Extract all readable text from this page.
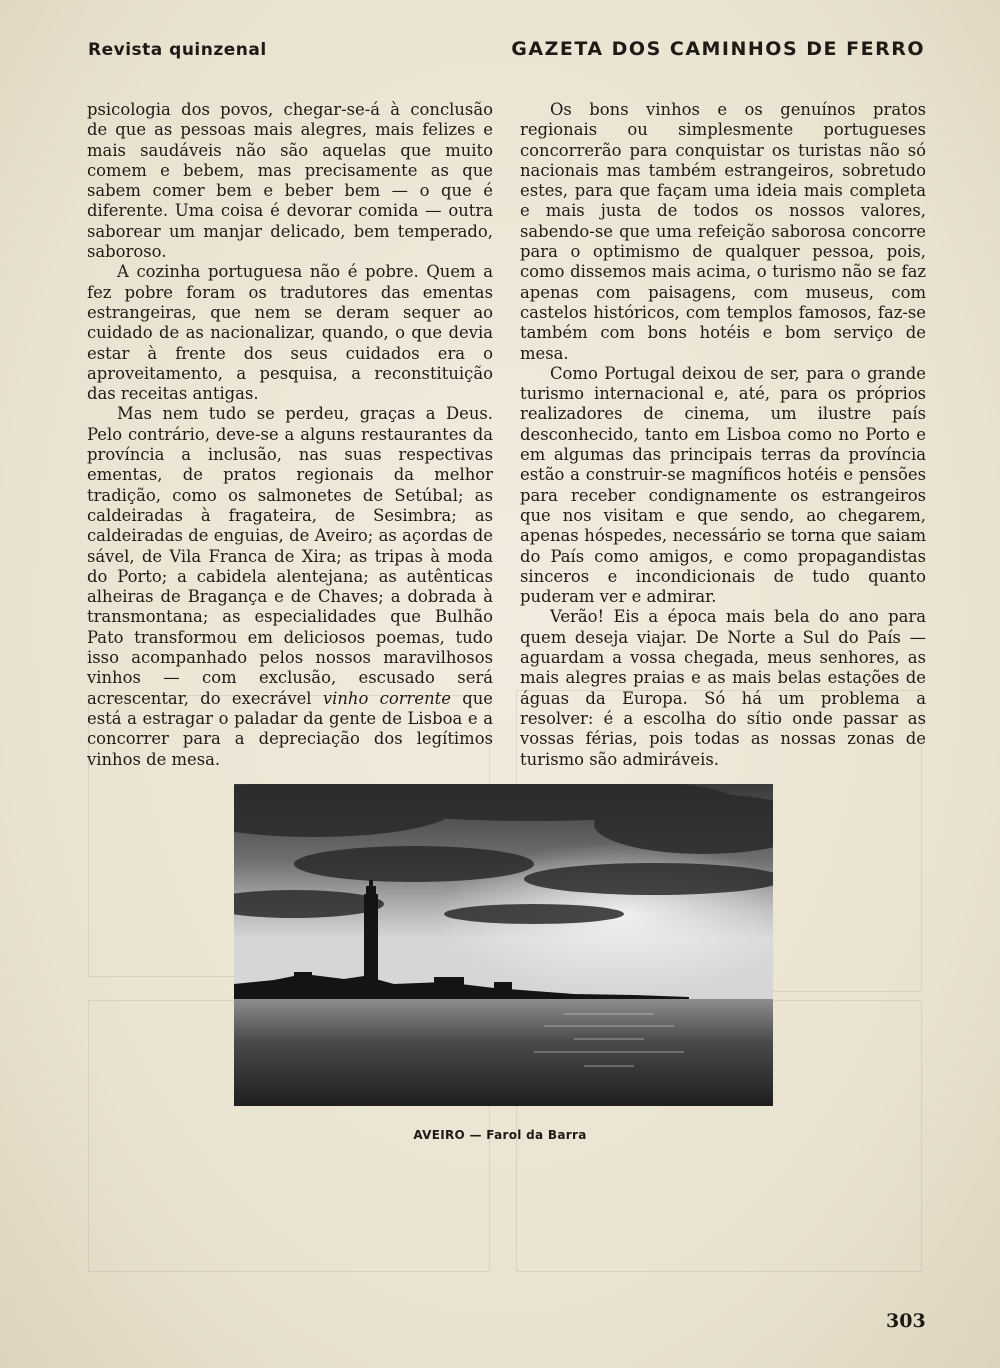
Revista quinzenal	GAZETA DOS CAMINHOS DE FERRO

psicologia dos povos, chegar-se-á à conclusão de que as pessoas mais alegres, mais felizes e mais saudáveis não são aquelas que muito comem e bebem, mas precisamente as que sabem comer bem e beber bem — o que é diferente. Uma coisa é devorar comida — outra saborear um manjar delicado, bem temperado, saboroso.

A cozinha portuguesa não é pobre. Quem a fez pobre foram os tradutores das ementas estrangeiras, que nem se deram sequer ao cuidado de as nacionalizar, quando, o que devia estar à frente dos seus cuidados era o aproveitamento, a pesquisa, a reconstituição das receitas antigas.

Mas nem tudo se perdeu, graças a Deus. Pelo contrário, deve-se a alguns restaurantes da província a inclusão, nas suas respectivas ementas, de pratos regionais da melhor tradição, como os salmonetes de Setúbal; as caldeiradas à fragateira, de Sesimbra; as caldeiradas de enguias, de Aveiro; as açordas de sável, de Vila Franca de Xira; as tripas à moda do Porto; a cabidela alentejana; as autênticas alheiras de Bragança e de Chaves; a dobrada à transmontana; as especialidades que Bulhão Pato transformou em deliciosos poemas, tudo isso acompanhado pelos nossos maravilhosos vinhos — com exclusão, escusado será acrescentar, do execrável vinho corrente que está a estragar o paladar da gente de Lisboa e a concorrer para a depreciação dos legítimos vinhos de mesa.

Os bons vinhos e os genuínos pratos regionais ou simplesmente portugueses concorrerão para conquistar os turistas não só nacionais mas também estrangeiros, sobretudo estes, para que façam uma ideia mais completa e mais justa de todos os nossos valores, sabendo-se que uma refeição saborosa concorre para o optimismo de qualquer pessoa, pois, como dissemos mais acima, o turismo não se faz apenas com paisagens, com museus, com castelos históricos, com templos famosos, faz-se também com bons hotéis e bom serviço de mesa.

Como Portugal deixou de ser, para o grande turismo internacional e, até, para os próprios realizadores de cinema, um ilustre país desconhecido, tanto em Lisboa como no Porto e em algumas das principais terras da província estão a construir-se magníficos hotéis e pensões para receber condignamente os estrangeiros que nos visitam e que sendo, ao chegarem, apenas hóspedes, necessário se torna que saiam do País como amigos, e como propagandistas sinceros e incondicionais de tudo quanto puderam ver e admirar.

Verão! Eis a época mais bela do ano para quem deseja viajar. De Norte a Sul do País — aguardam a vossa chegada, meus senhores, as mais alegres praias e as mais belas estações de águas da Europa. Só há um problema a resolver: é a escolha do sítio onde passar as vossas férias, pois todas as nossas zonas de turismo são admiráveis.

AVEIRO — Farol da Barra
303
